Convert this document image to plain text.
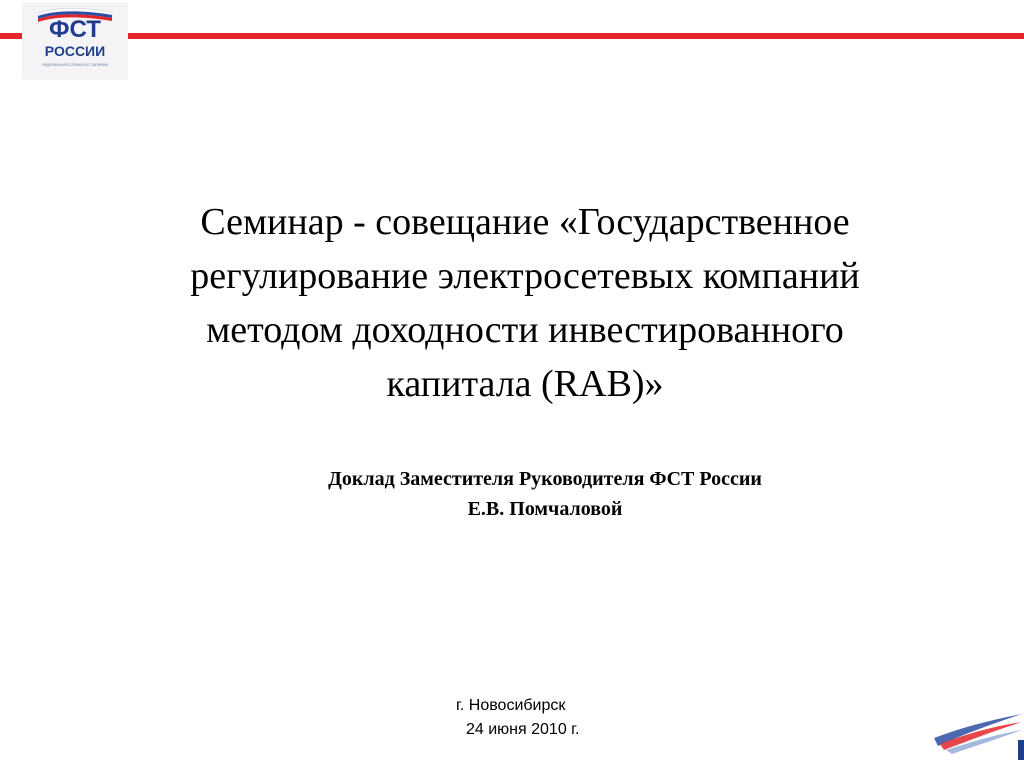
ФСТ
РОССИИ
ФЕДЕРАЛЬНАЯ СЛУЖБА ПО ТАРИФАМ
Семинар - совещание «Государственное
регулирование электросетевых компаний
методом доходности инвестированного
капитала (RAB)»
Доклад Заместителя Руководителя ФСТ России
Е.В. Помчаловой
г. Новосибирск
24 июня 2010 г.
